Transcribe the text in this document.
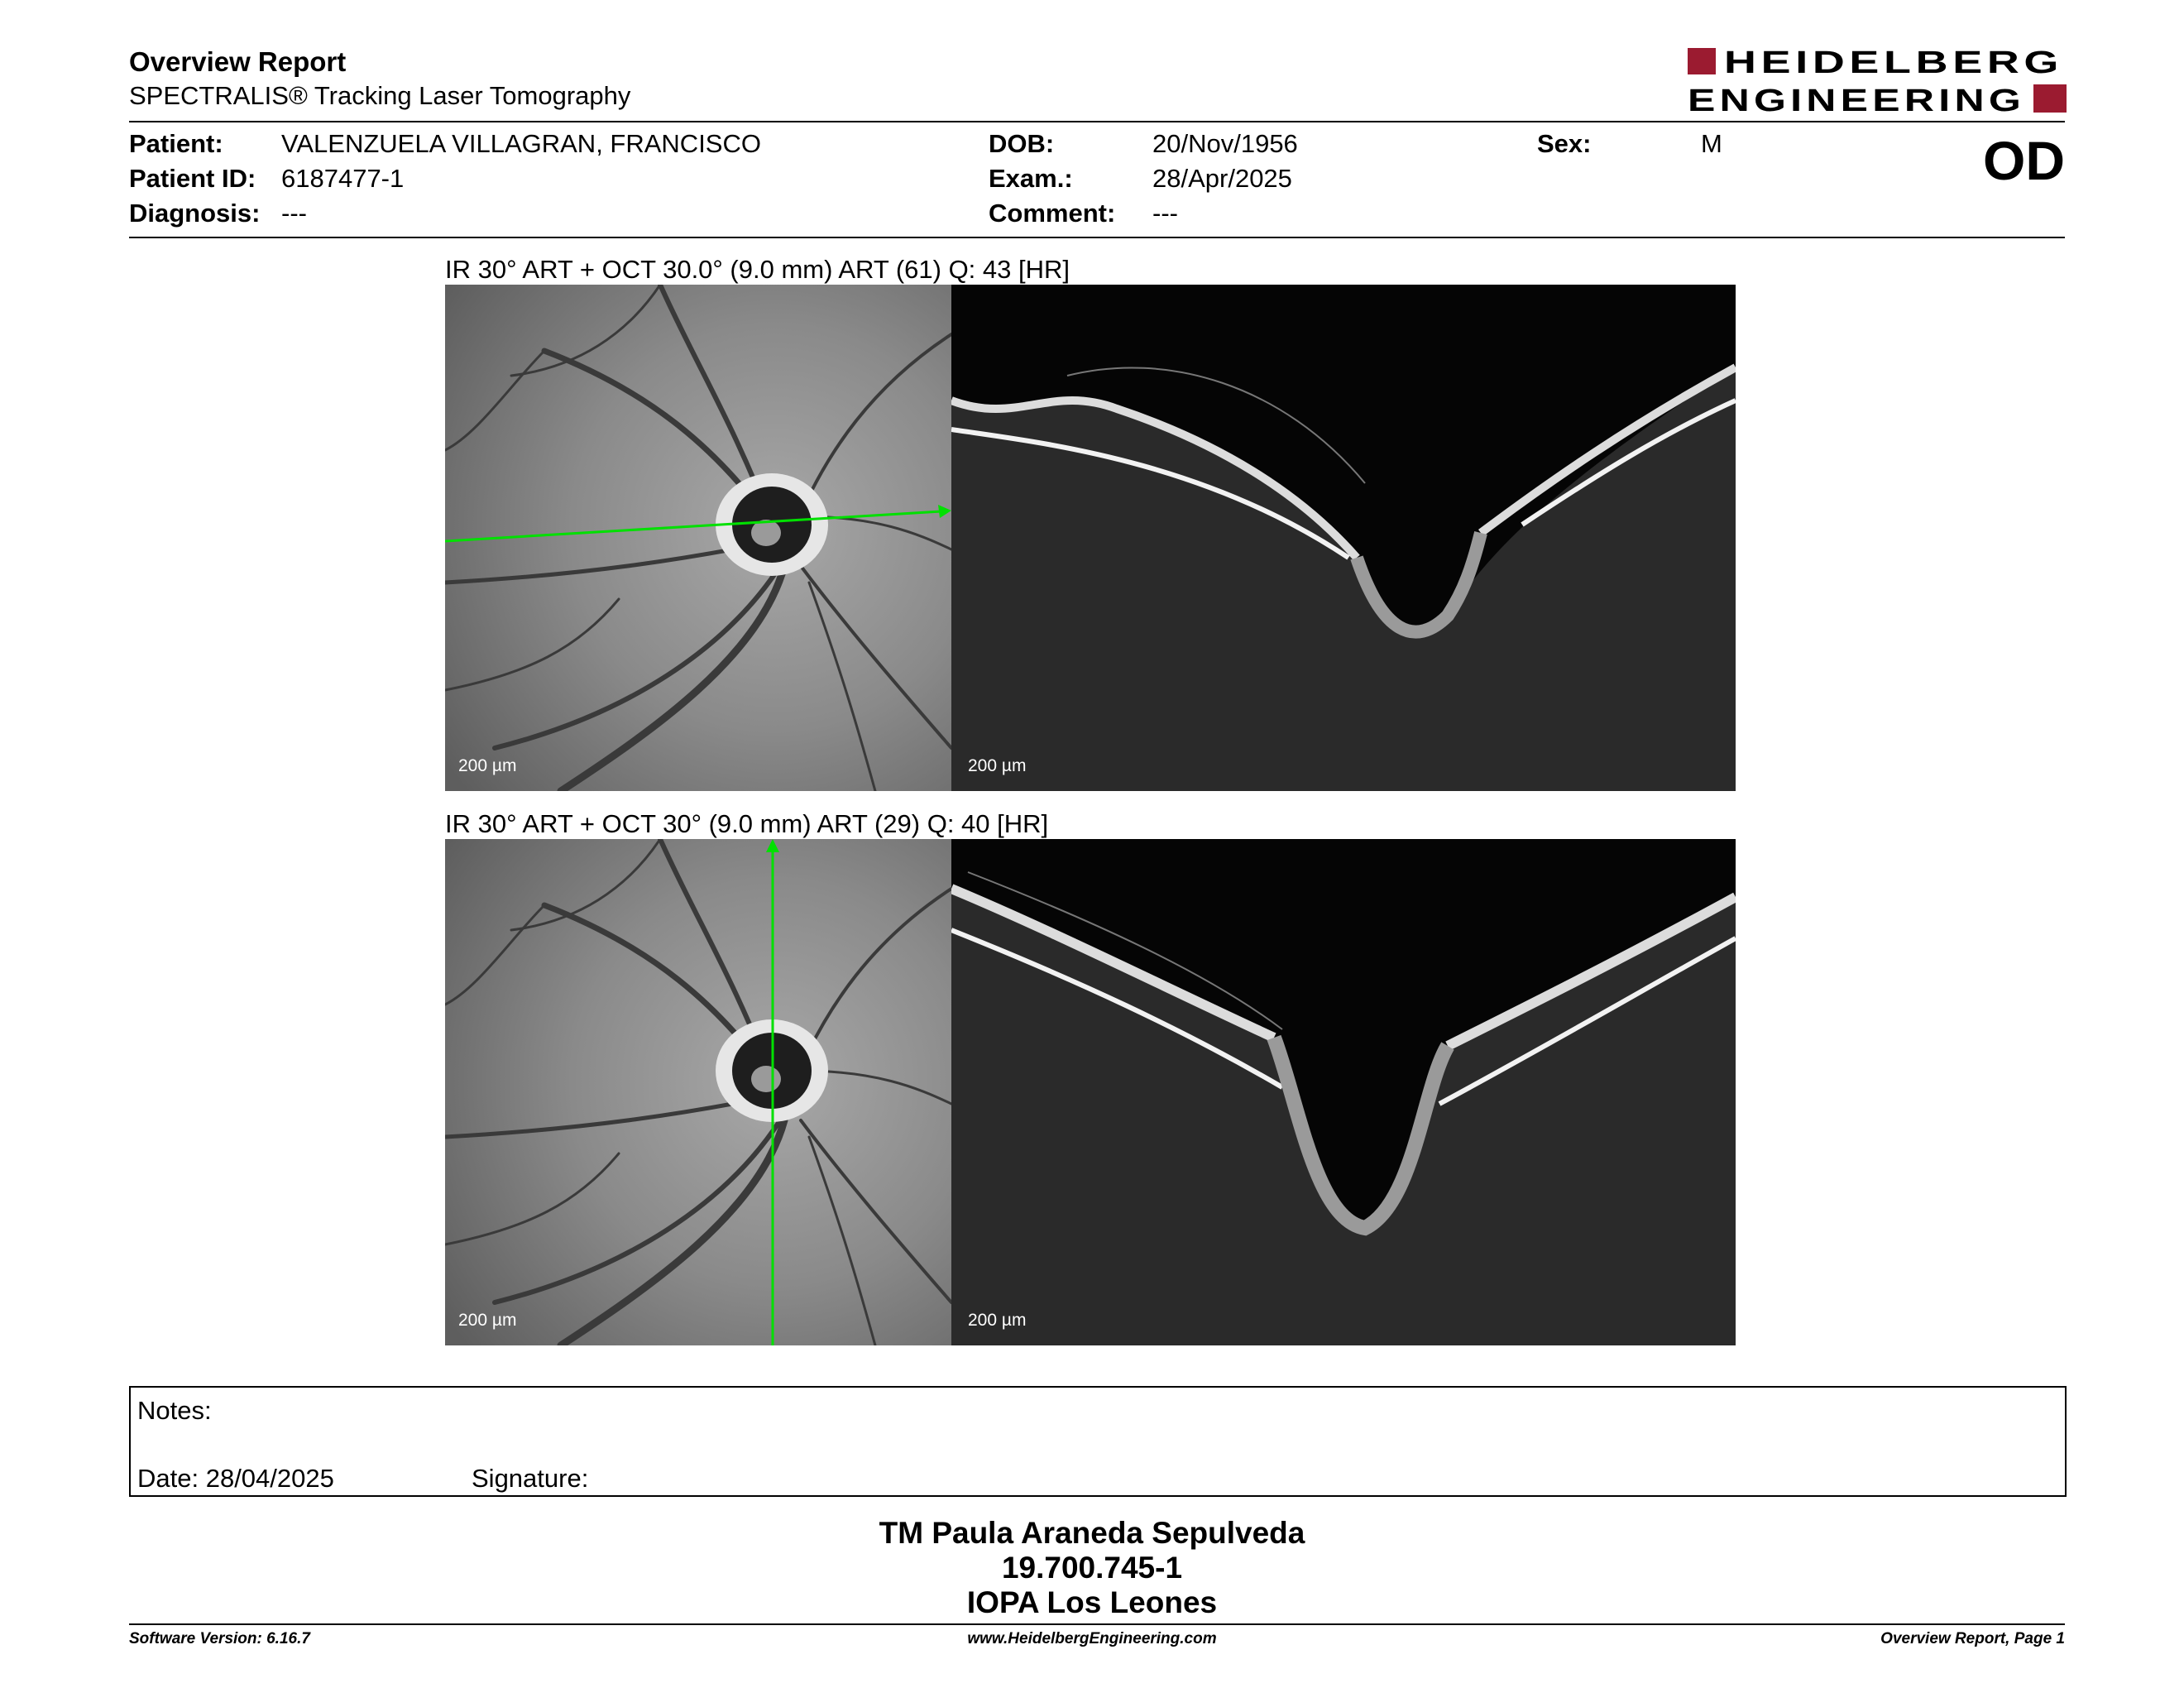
Overview Report
SPECTRALIS® Tracking Laser Tomography
HEIDELBERG
ENGINEERING
Patient: VALENZUELA VILLAGRAN, FRANCISCO
Patient ID: 6187477-1
Diagnosis: ---
DOB:	20/Nov/1956
Exam.:	28/Apr/2025
Comment: ---
Sex:	M	OD
IR 30° ART + OCT 30.0° (9.0 mm) ART (61) Q: 43 [HR]
200 µm	200 µm
IR 30° ART + OCT 30° (9.0 mm) ART (29) Q: 40 [HR]
200 µm	200 µm
Notes:
Date: 28/04/2025	Signature:
TM Paula Araneda Sepulveda
19.700.745-1
IOPA Los Leones
Software Version: 6.16.7	www.HeidelbergEngineering.com	Overview Report, Page 1
